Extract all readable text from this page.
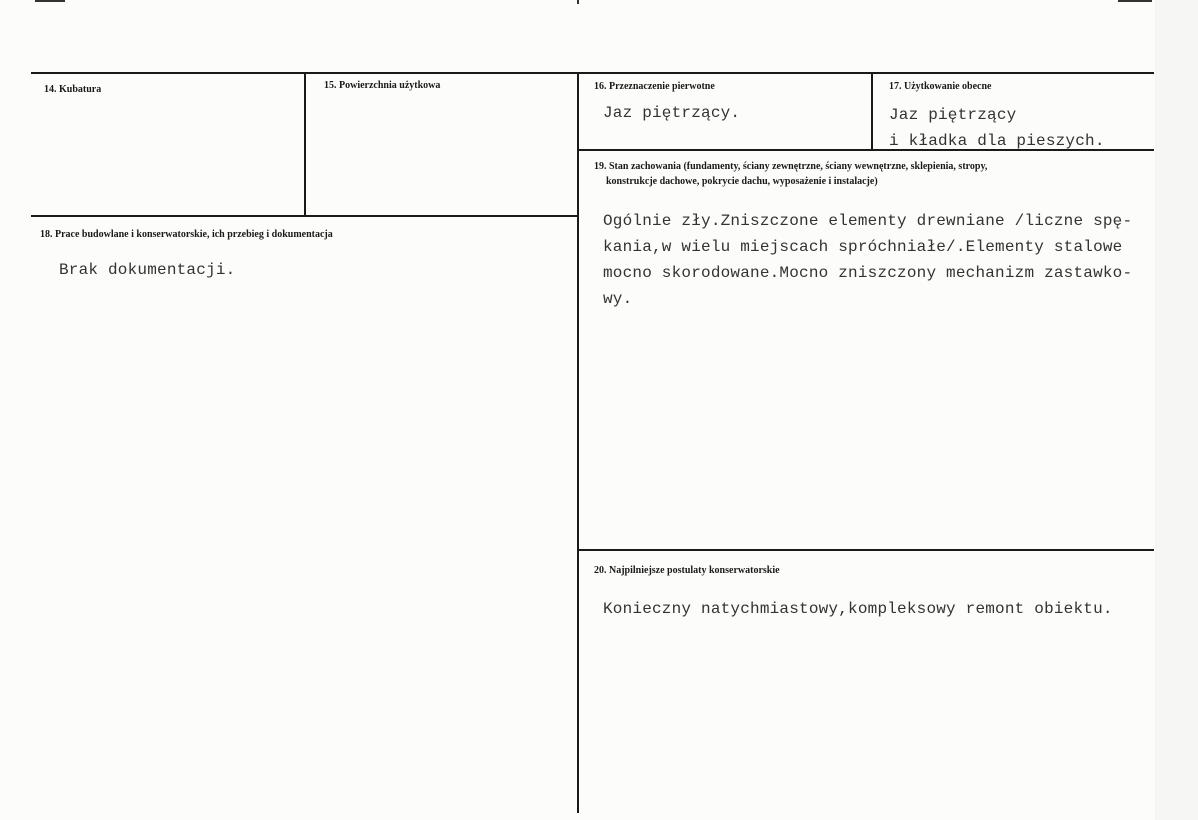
14. Kubatura	15. Powierzchnia użytkowa	16. Przeznaczenie pierwotne
Jaz piętrzący.
17. Użytkowanie obecne
Jaz piętrzący
i kładka dla pieszych.
19. Stan zachowania (fundamenty, ściany zewnętrzne, ściany wewnętrzne, sklepienia, stropy,
konstrukcje dachowe, pokrycie dachu, wyposażenie i instalacje)
Ogólnie zły.Zniszczone elementy drewniane /liczne spę-
kania,w wielu miejscach spróchniałe/.Elementy stalowe
mocno skorodowane.Mocno zniszczony mechanizm zastawko-
wy.
18. Prace budowlane i konserwatorskie, ich przebieg i dokumentacja
Brak dokumentacji.
20. Najpilniejsze postulaty konserwatorskie
Konieczny natychmiastowy,kompleksowy remont obiektu.
